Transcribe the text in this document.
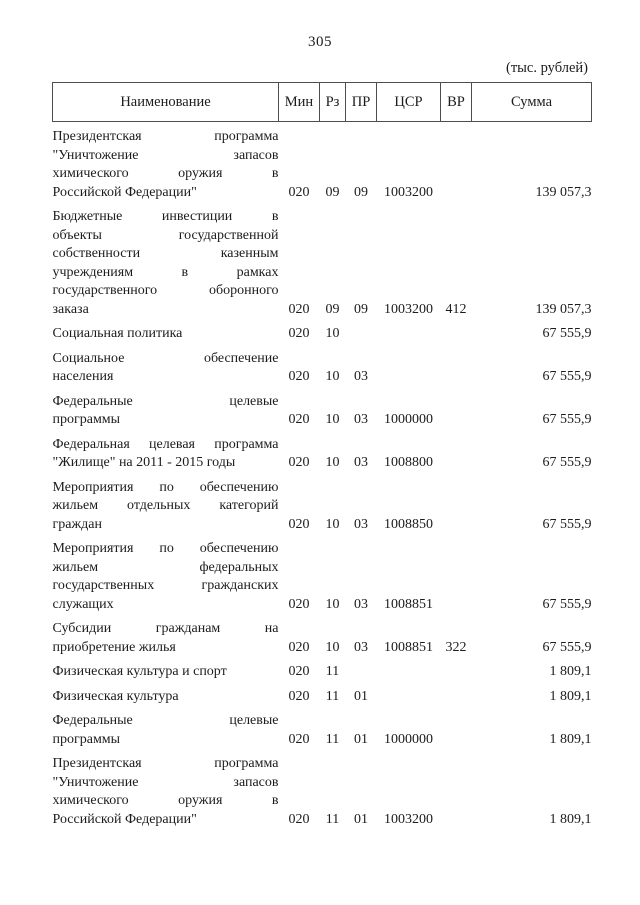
305
(тыс. рублей)
Наименование	Мин	Рз	ПР	ЦСР	ВР	Сумма

Президентская программа
"Уничтожение запасов
химического оружия в
Российской Федерации"	020	09	09	1003200		139 057,3

Бюджетные инвестиции в
объекты государственной
собственности казенным
учреждениям в рамках
государственного оборонного
заказа	020	09	09	1003200	412	139 057,3

Социальная политика	020	10				67 555,9

Социальное обеспечение
населения	020	10	03			67 555,9

Федеральные целевые
программы	020	10	03	1000000		67 555,9

Федеральная целевая программа
"Жилище" на 2011 - 2015 годы	020	10	03	1008800		67 555,9

Мероприятия по обеспечению
жильем отдельных категорий
граждан	020	10	03	1008850		67 555,9

Мероприятия по обеспечению
жильем федеральных
государственных гражданских
служащих	020	10	03	1008851		67 555,9

Субсидии гражданам на
приобретение жилья	020	10	03	1008851	322	67 555,9

Физическая культура и спорт	020	11				1 809,1

Физическая культура	020	11	01			1 809,1

Федеральные целевые
программы	020	11	01	1000000		1 809,1

Президентская программа
"Уничтожение запасов
химического оружия в
Российской Федерации"	020	11	01	1003200		1 809,1
